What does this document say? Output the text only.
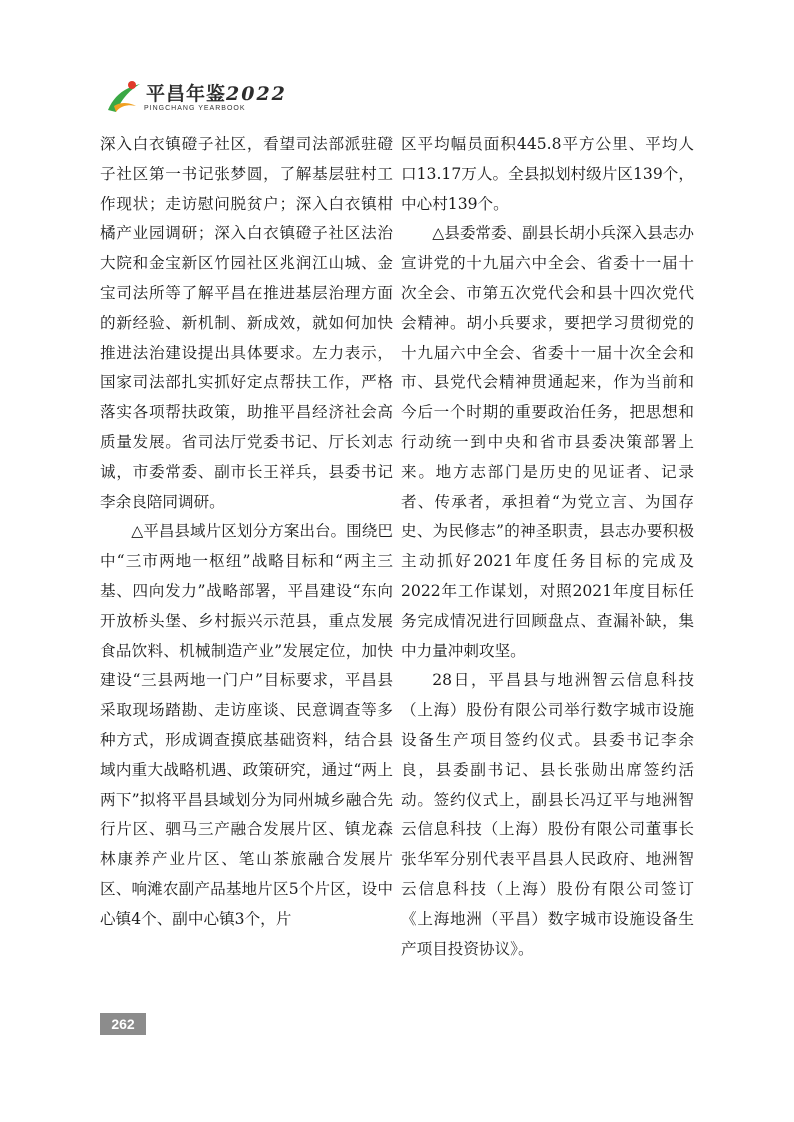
平昌年鉴2022
PINGCHANG YEARBOOK

深入白衣镇磴子社区，看望司法部派驻磴子社区第一书记张梦圆，了解基层驻村工作现状；走访慰问脱贫户；深入白衣镇柑橘产业园调研；深入白衣镇磴子社区法治大院和金宝新区竹园社区兆润江山城、金宝司法所等了解平昌在推进基层治理方面的新经验、新机制、新成效，就如何加快推进法治建设提出具体要求。左力表示，国家司法部扎实抓好定点帮扶工作，严格落实各项帮扶政策，助推平昌经济社会高质量发展。省司法厅党委书记、厅长刘志诚，市委常委、副市长王祥兵，县委书记李余良陪同调研。

△平昌县域片区划分方案出台。围绕巴中“三市两地一枢纽”战略目标和“两主三基、四向发力”战略部署，平昌建设“东向开放桥头堡、乡村振兴示范县，重点发展食品饮料、机械制造产业”发展定位，加快建设“三县两地一门户”目标要求，平昌县采取现场踏勘、走访座谈、民意调查等多种方式，形成调查摸底基础资料，结合县域内重大战略机遇、政策研究，通过“两上两下”拟将平昌县域划分为同州城乡融合先行片区、驷马三产融合发展片区、镇龙森林康养产业片区、笔山茶旅融合发展片区、响滩农副产品基地片区5个片区，设中心镇4个、副中心镇3个，片

区平均幅员面积445.8平方公里、平均人口13.17万人。全县拟划村级片区139个，中心村139个。

△县委常委、副县长胡小兵深入县志办宣讲党的十九届六中全会、省委十一届十次全会、市第五次党代会和县十四次党代会精神。胡小兵要求，要把学习贯彻党的十九届六中全会、省委十一届十次全会和市、县党代会精神贯通起来，作为当前和今后一个时期的重要政治任务，把思想和行动统一到中央和省市县委决策部署上来。地方志部门是历史的见证者、记录者、传承者，承担着“为党立言、为国存史、为民修志”的神圣职责，县志办要积极主动抓好2021年度任务目标的完成及2022年工作谋划，对照2021年度目标任务完成情况进行回顾盘点、查漏补缺，集中力量冲刺攻坚。

28日，平昌县与地洲智云信息科技（上海）股份有限公司举行数字城市设施设备生产项目签约仪式。县委书记李余良，县委副书记、县长张勋出席签约活动。签约仪式上，副县长冯辽平与地洲智云信息科技（上海）股份有限公司董事长张华军分别代表平昌县人民政府、地洲智云信息科技（上海）股份有限公司签订《上海地洲（平昌）数字城市设施设备生产项目投资协议》。

262
